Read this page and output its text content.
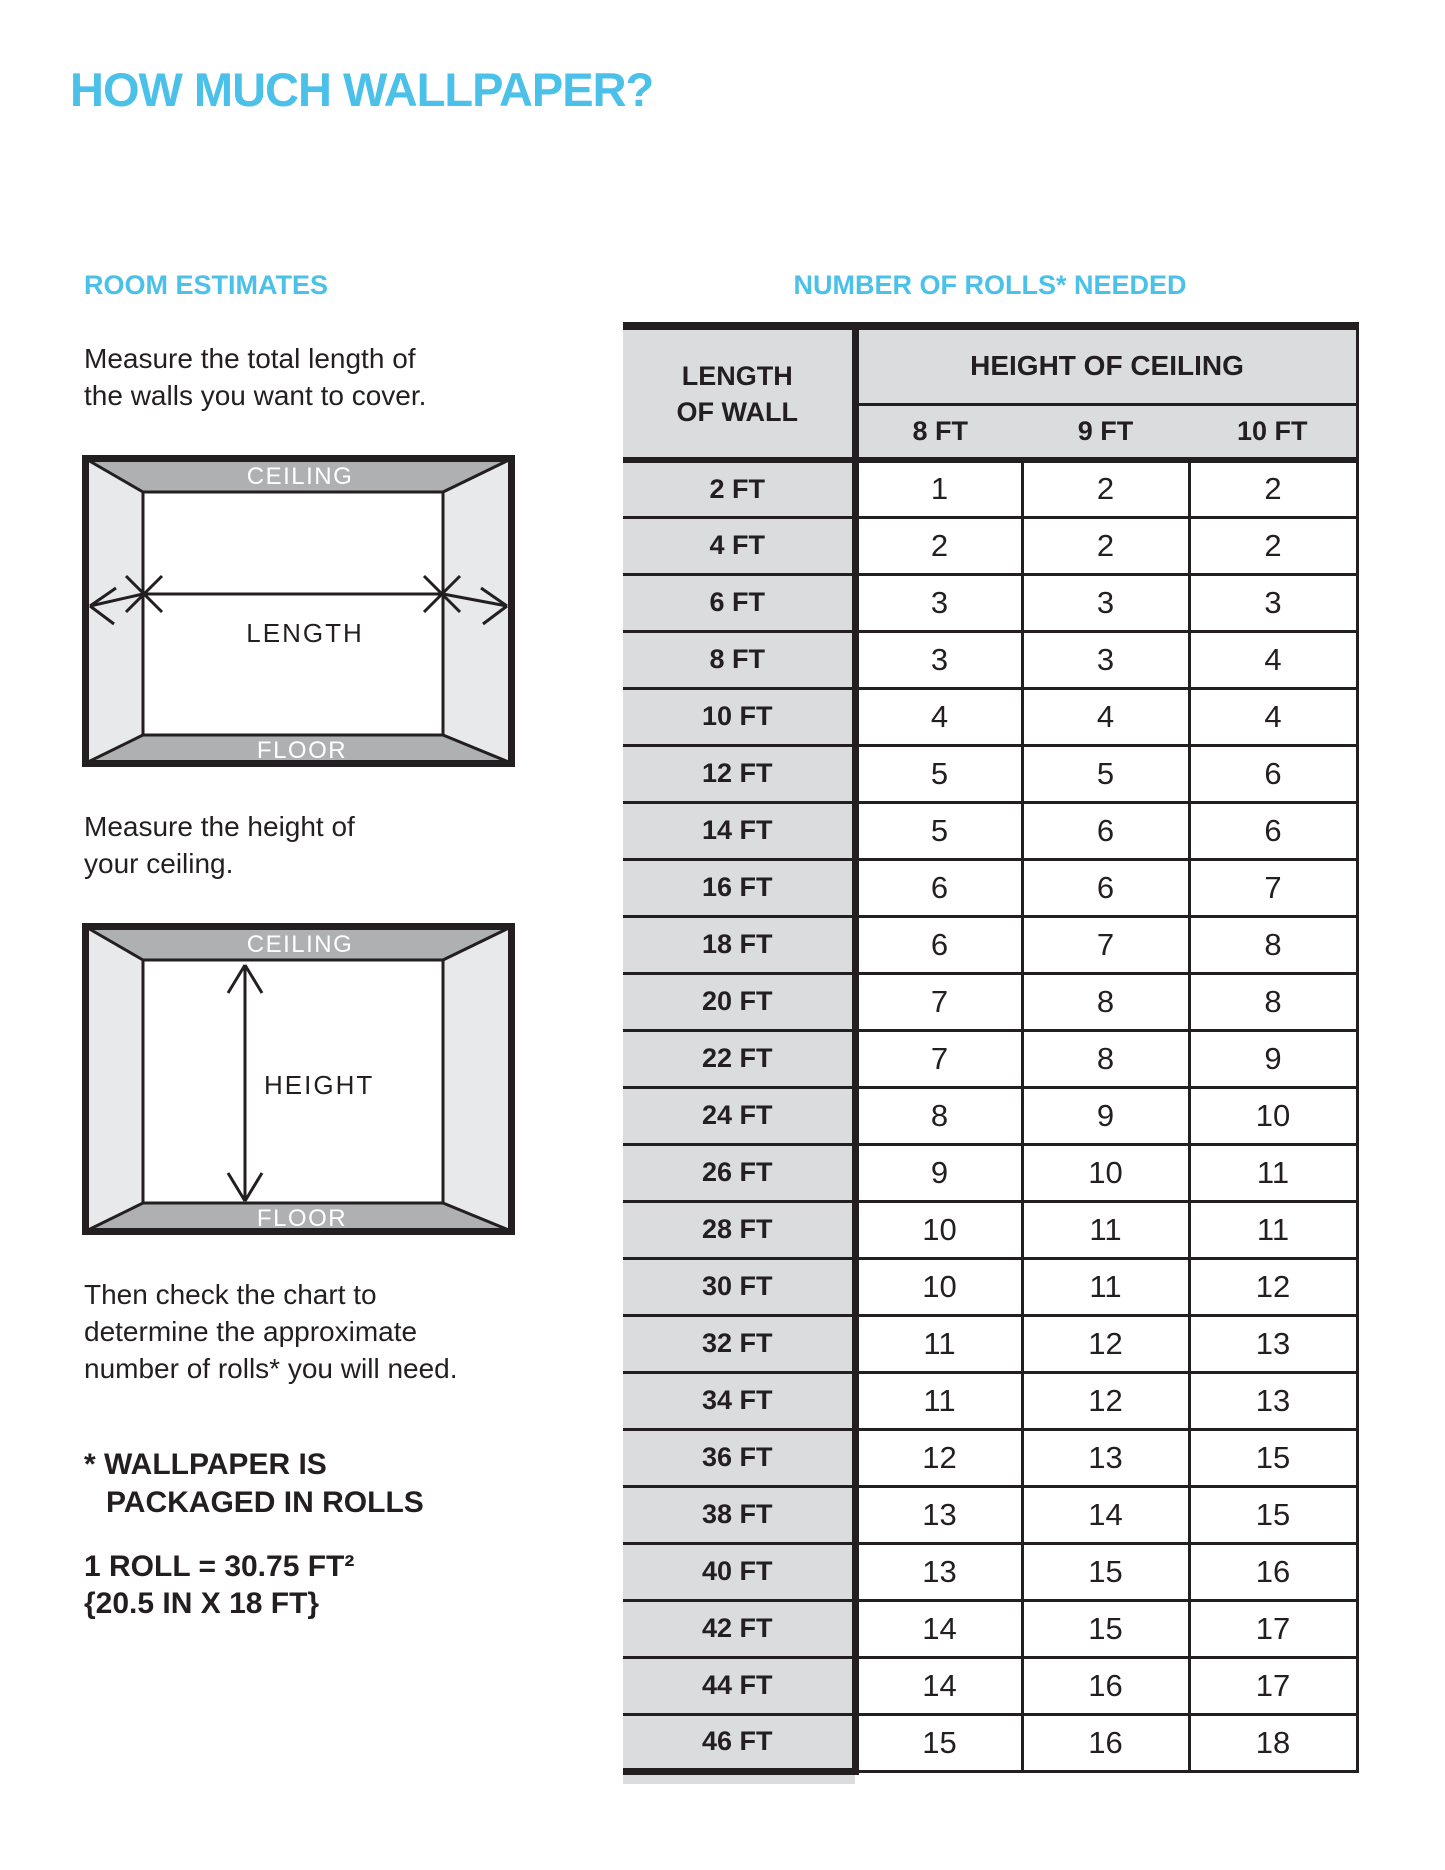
HOW MUCH WALLPAPER?
ROOM ESTIMATES
Measure the total length of
the walls you want to cover.
CEILING
FLOOR
LENGTH
Measure the height of
your ceiling.
CEILING
FLOOR
HEIGHT
Then check the chart to
determine the approximate
number of rolls* you will need.
* WALLPAPER IS
PACKAGED IN ROLLS
1 ROLL = 30.75 FT²
{20.5 IN X 18 FT}
NUMBER OF ROLLS* NEEDED
LENGTH
OF WALL	HEIGHT OF CEILING		
	8 FT	9 FT	10 FT
2 FT	1	2	2
4 FT	2	2	2
6 FT	3	3	3
8 FT	3	3	4
10 FT	4	4	4
12 FT	5	5	6
14 FT	5	6	6
16 FT	6	6	7
18 FT	6	7	8
20 FT	7	8	8
22 FT	7	8	9
24 FT	8	9	10
26 FT	9	10	11
28 FT	10	11	11
30 FT	10	11	12
32 FT	11	12	13
34 FT	11	12	13
36 FT	12	13	15
38 FT	13	14	15
40 FT	13	15	16
42 FT	14	15	17
44 FT	14	16	17
46 FT	15	16	18
